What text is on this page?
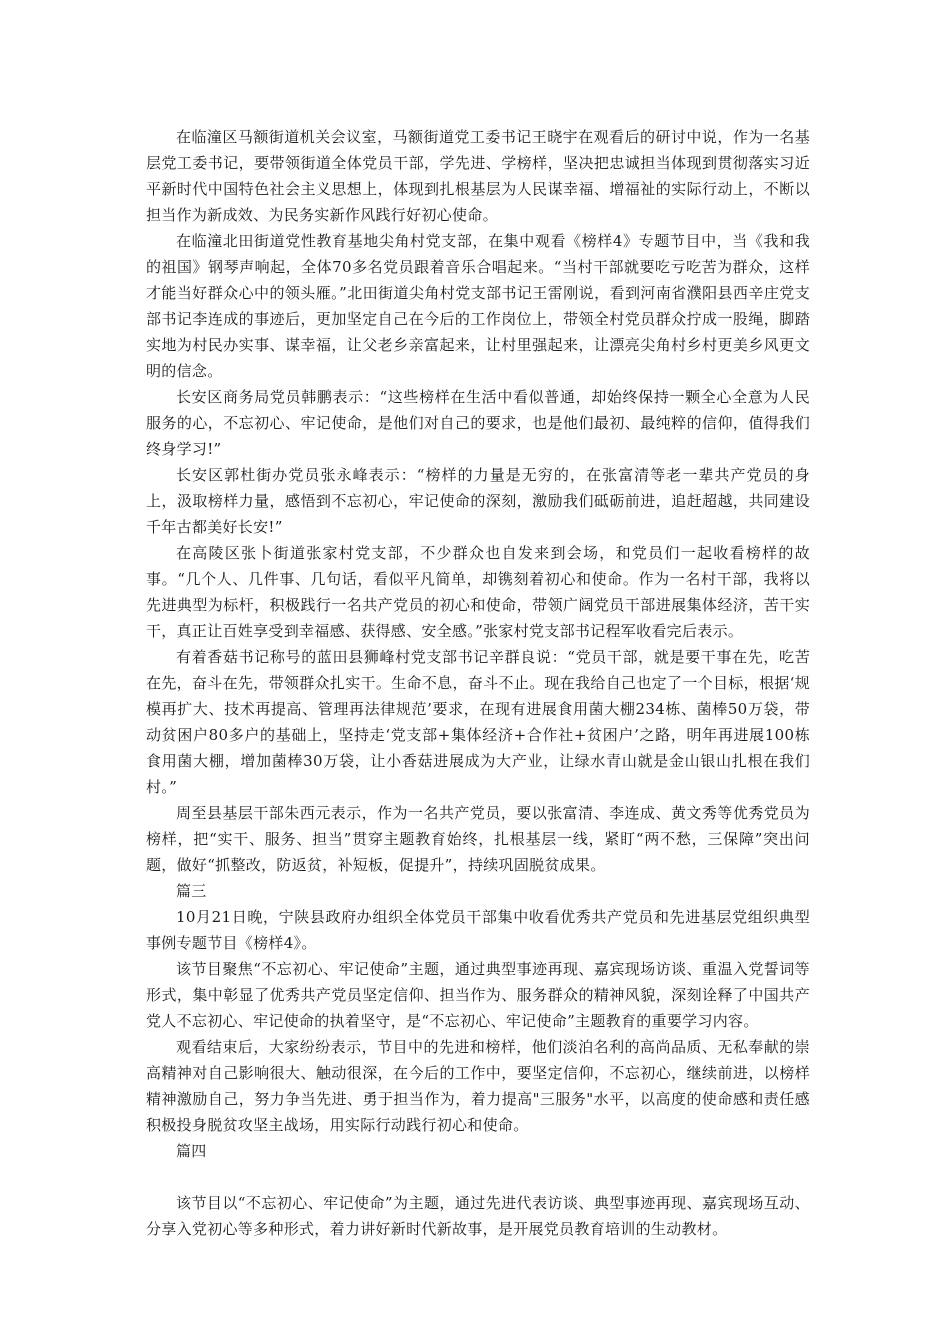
在临潼区马额街道机关会议室，马额街道党工委书记王晓宇在观看后的研讨中说，作为一名基层党工委书记，要带领街道全体党员干部，学先进、学榜样，坚决把忠诚担当体现到贯彻落实习近平新时代中国特色社会主义思想上，体现到扎根基层为人民谋幸福、增福祉的实际行动上，不断以担当作为新成效、为民务实新作风践行好初心使命。

在临潼北田街道党性教育基地尖角村党支部，在集中观看《榜样4》专题节目中，当《我和我的祖国》钢琴声响起，全体70多名党员跟着音乐合唱起来。“当村干部就要吃亏吃苦为群众，这样才能当好群众心中的领头雁。”北田街道尖角村党支部书记王雷刚说，看到河南省濮阳县西辛庄党支部书记李连成的事迹后，更加坚定自己在今后的工作岗位上，带领全村党员群众拧成一股绳，脚踏实地为村民办实事、谋幸福，让父老乡亲富起来，让村里强起来，让漂亮尖角村乡村更美乡风更文明的信念。

长安区商务局党员韩鹏表示：“这些榜样在生活中看似普通，却始终保持一颗全心全意为人民服务的心，不忘初心、牢记使命，是他们对自己的要求，也是他们最初、最纯粹的信仰，值得我们终身学习!”

长安区郭杜街办党员张永峰表示：“榜样的力量是无穷的，在张富清等老一辈共产党员的身上，汲取榜样力量，感悟到不忘初心，牢记使命的深刻，激励我们砥砺前进，追赶超越，共同建设千年古都美好长安!”

在高陵区张卜街道张家村党支部，不少群众也自发来到会场，和党员们一起收看榜样的故事。“几个人、几件事、几句话，看似平凡简单，却镌刻着初心和使命。作为一名村干部，我将以先进典型为标杆，积极践行一名共产党员的初心和使命，带领广阔党员干部进展集体经济，苦干实干，真正让百姓享受到幸福感、获得感、安全感。”张家村党支部书记程军收看完后表示。

有着香菇书记称号的蓝田县狮峰村党支部书记辛群良说：“党员干部，就是要干事在先，吃苦在先，奋斗在先，带领群众扎实干。生命不息，奋斗不止。现在我给自己也定了一个目标，根据‘规模再扩大、技术再提高、管理再法律规范’要求，在现有进展食用菌大棚234栋、菌棒50万袋，带动贫困户80多户的基础上，坚持走‘党支部+集体经济+合作社+贫困户’之路，明年再进展100栋食用菌大棚，增加菌棒30万袋，让小香菇进展成为大产业，让绿水青山就是金山银山扎根在我们村。”

周至县基层干部朱西元表示，作为一名共产党员，要以张富清、李连成、黄文秀等优秀党员为榜样，把“实干、服务、担当”贯穿主题教育始终，扎根基层一线，紧盯“两不愁，三保障”突出问题，做好“抓整改，防返贫，补短板，促提升”，持续巩固脱贫成果。

篇三

10月21日晚，宁陕县政府办组织全体党员干部集中收看优秀共产党员和先进基层党组织典型事例专题节目《榜样4》。

该节目聚焦“不忘初心、牢记使命”主题，通过典型事迹再现、嘉宾现场访谈、重温入党誓词等形式，集中彰显了优秀共产党员坚定信仰、担当作为、服务群众的精神风貌，深刻诠释了中国共产党人不忘初心、牢记使命的执着坚守，是“不忘初心、牢记使命”主题教育的重要学习内容。

观看结束后，大家纷纷表示，节目中的先进和榜样，他们淡泊名利的高尚品质、无私奉献的崇高精神对自己影响很大、触动很深，在今后的工作中，要坚定信仰，不忘初心，继续前进，以榜样精神激励自己，努力争当先进、勇于担当作为，着力提高"三服务"水平，以高度的使命感和责任感积极投身脱贫攻坚主战场，用实际行动践行初心和使命。

篇四

该节目以“不忘初心、牢记使命”为主题，通过先进代表访谈、典型事迹再现、嘉宾现场互动、分享入党初心等多种形式，着力讲好新时代新故事，是开展党员教育培训的生动教材。
